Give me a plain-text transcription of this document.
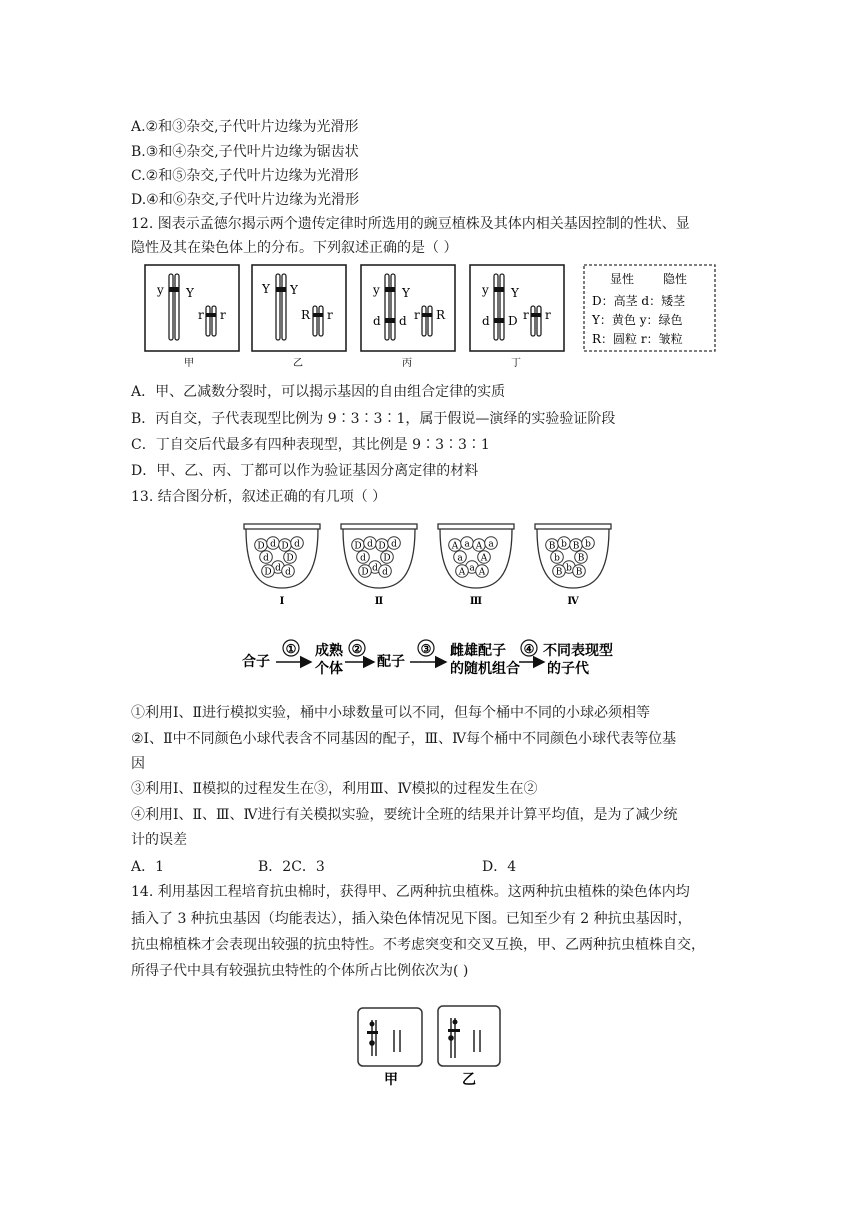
A.②和③杂交,子代叶片边缘为光滑形
B.③和④杂交,子代叶片边缘为锯齿状
C.②和⑤杂交,子代叶片边缘为光滑形
D.④和⑥杂交,子代叶片边缘为光滑形
12. 图表示孟德尔揭示两个遗传定律时所选用的豌豆植株及其体内相关基因控制的性状、显
隐性及其在染色体上的分布。下列叙述正确的是（ ）
y Y
r r
甲
Y Y
R r
乙
y Y
d d r R
丙
y Y
d D r r
丁
显性 隐性
D：高茎 d：矮茎
Y：黄色 y：绿色
R：圆粒 r：皱粒
A．甲、乙减数分裂时，可以揭示基因的自由组合定律的实质
B．丙自交，子代表现型比例为 9∶3∶3∶1，属于假说—演绎的实验验证阶段
C．丁自交后代最多有四种表现型，其比例是 9∶3∶3∶1
D．甲、乙、丙、丁都可以作为验证基因分离定律的材料
13. 结合图分析，叙述正确的有几项（ ）
D d D d
d D
d
D d
Ⅰ
D d D d
d D
d
D d
Ⅱ
A a A a
a A
a
A A
Ⅲ
B b B b
b B
b
B B
Ⅳ
合子
① 成熟
个体
②
配子
③ 雌雄配子
的随机组合
④ 不同表现型
的子代
①利用Ⅰ、Ⅱ进行模拟实验，桶中小球数量可以不同，但每个桶中不同的小球必须相等
②Ⅰ、Ⅱ中不同颜色小球代表含不同基因的配子，Ⅲ、Ⅳ每个桶中不同颜色小球代表等位基
因
③利用Ⅰ、Ⅱ模拟的过程发生在③，利用Ⅲ、Ⅳ模拟的过程发生在②
④利用Ⅰ、Ⅱ、Ⅲ、Ⅳ进行有关模拟实验，要统计全班的结果并计算平均值，是为了减少统
计的误差
A．1	B．2C．3	D．4
14. 利用基因工程培育抗虫棉时，获得甲、乙两种抗虫植株。这两种抗虫植株的染色体内均
插入了 3 种抗虫基因（均能表达），插入染色体情况见下图。已知至少有 2 种抗虫基因时，
抗虫棉植株才会表现出较强的抗虫特性。不考虑突变和交叉互换，甲、乙两种抗虫植株自交，
所得子代中具有较强抗虫特性的个体所占比例依次为( )
甲	乙
